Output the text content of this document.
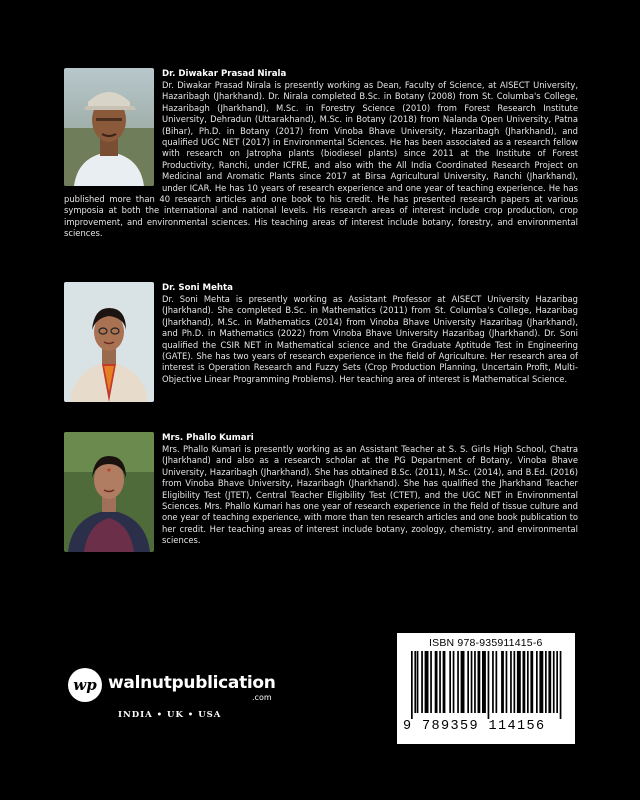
Dr. Diwakar Prasad Nirala

Dr. Diwakar Prasad Nirala is presently working as Dean, Faculty of Science, at AISECT University, Hazaribagh (Jharkhand). Dr. Nirala completed B.Sc. in Botany (2008) from St. Columba's College, Hazaribagh (Jharkhand), M.Sc. in Forestry Science (2010) from Forest Research Institute University, Dehradun (Uttarakhand), M.Sc. in Botany (2018) from Nalanda Open University, Patna (Bihar), Ph.D. in Botany (2017) from Vinoba Bhave University, Hazaribagh (Jharkhand), and qualified UGC NET (2017) in Environmental Sciences. He has been associated as a research fellow with research on Jatropha plants (biodiesel plants) since 2011 at the Institute of Forest Productivity, Ranchi, under ICFRE, and also with the All India Coordinated Research Project on Medicinal and Aromatic Plants since 2017 at Birsa Agricultural University, Ranchi (Jharkhand), under ICAR. He has 10 years of research experience and one year of teaching experience. He has published more than 40 research articles and one book to his credit. He has presented research papers at various symposia at both the international and national levels. His research areas of interest include crop production, crop improvement, and environmental sciences. His teaching areas of interest include botany, forestry, and environmental sciences.

Dr. Soni Mehta

Dr. Soni Mehta is presently working as Assistant Professor at AISECT University Hazaribag (Jharkhand). She completed B.Sc. in Mathematics (2011) from St. Columba's College, Hazaribag (Jharkhand), M.Sc. in Mathematics (2014) from Vinoba Bhave University Hazaribag (Jharkhand), and Ph.D. in Mathematics (2022) from Vinoba Bhave University Hazaribag (Jharkhand). Dr. Soni qualified the CSIR NET in Mathematical science and the Graduate Aptitude Test in Engineering (GATE). She has two years of research experience in the field of Agriculture. Her research area of interest is Operation Research and Fuzzy Sets (Crop Production Planning, Uncertain Profit, Multi-Objective Linear Programming Problems). Her teaching area of interest is Mathematical Science.

Mrs. Phallo Kumari

Mrs. Phallo Kumari is presently working as an Assistant Teacher at S. S. Girls High School, Chatra (Jharkhand) and also as a research scholar at the PG Department of Botany, Vinoba Bhave University, Hazaribagh (Jharkhand). She has obtained B.Sc. (2011), M.Sc. (2014), and B.Ed. (2016) from Vinoba Bhave University, Hazaribagh (Jharkhand). She has qualified the Jharkhand Teacher Eligibility Test (JTET), Central Teacher Eligibility Test (CTET), and the UGC NET in Environmental Sciences. Mrs. Phallo Kumari has one year of research experience in the field of tissue culture and one year of teaching experience, with more than ten research articles and one book publication to her credit. Her teaching areas of interest include botany, zoology, chemistry, and environmental sciences.

wp walnutpublication
.com
INDIA • UK • USA
ISBN 978-935911415-6
9 789359 114156
